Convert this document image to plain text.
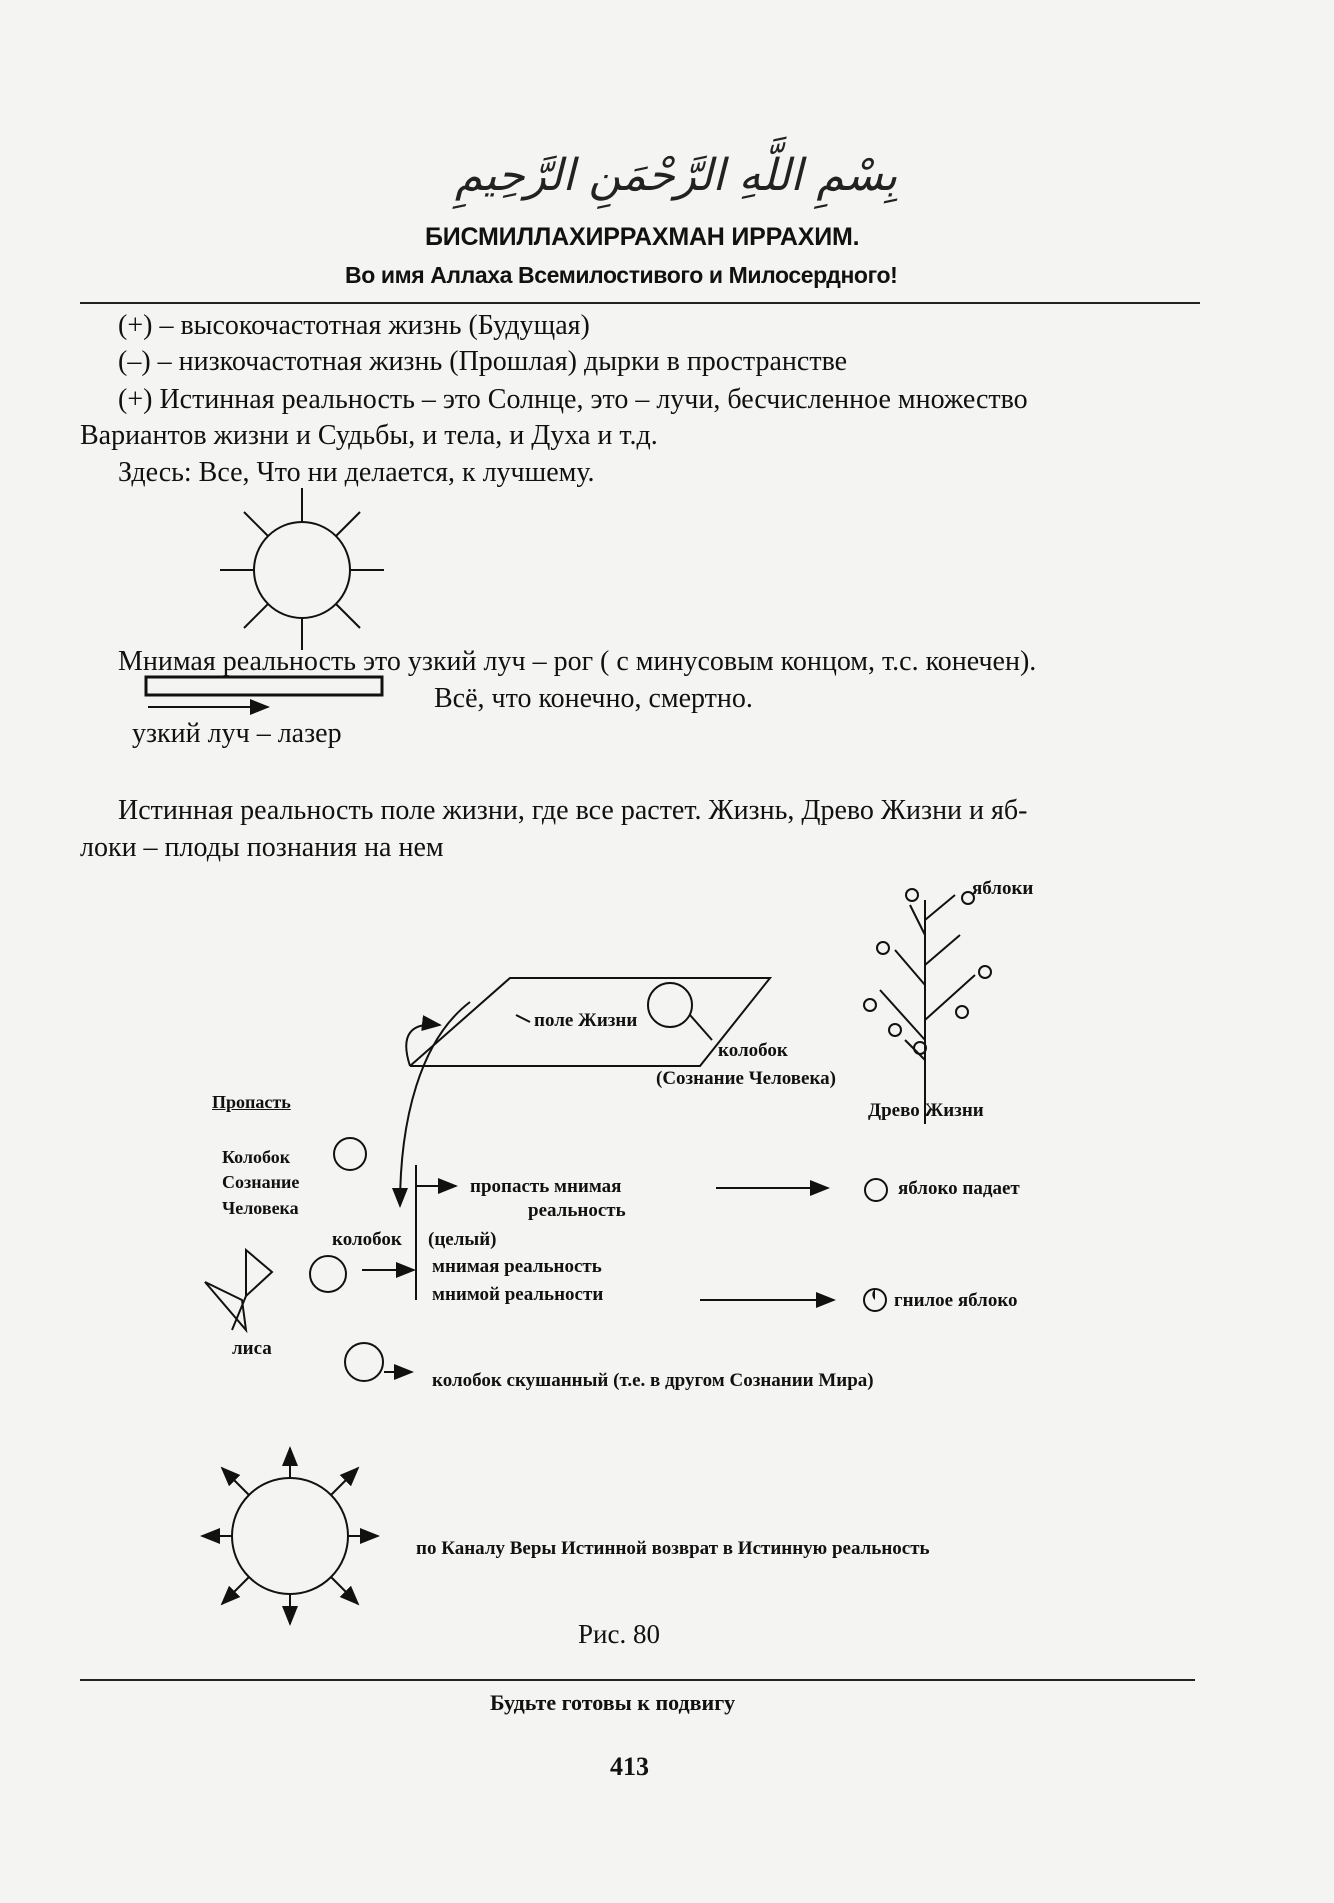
بِسْمِ اللَّهِ الرَّحْمَنِ الرَّحِيمِ
БИСМИЛЛАХИРРАХМАН ИРРАХИМ.
Во имя Аллаха Всемилостивого и Милосердного!
(+) – высокочастотная жизнь (Будущая)
(–) – низкочастотная жизнь (Прошлая) дырки в пространстве
(+) Истинная реальность – это Солнце, это – лучи, бесчисленное множество
Вариантов жизни и Судьбы, и тела, и Духа и т.д.
Здесь: Все, Что ни делается, к лучшему.
Мнимая реальность это узкий луч – рог ( с минусовым концом, т.с. конечен).
Всё, что конечно, смертно.
узкий луч – лазер
Истинная реальность поле жизни, где все растет. Жизнь, Древо Жизни и яб-
локи – плоды познания на нем
яблоки
поле Жизни
колобок
(Сознание Человека)
Древо Жизни
Пропасть
Колобок
Сознание
Человека
пропасть мнимая
реальность
яблоко падает
колобок (целый)
мнимая реальность
мнимой реальности	гнилое яблоко
лиса
колобок скушанный (т.е. в другом Сознании Мира)
по Каналу Веры Истинной возврат в Истинную реальность
Рис. 80
Будьте готовы к подвигу
413
